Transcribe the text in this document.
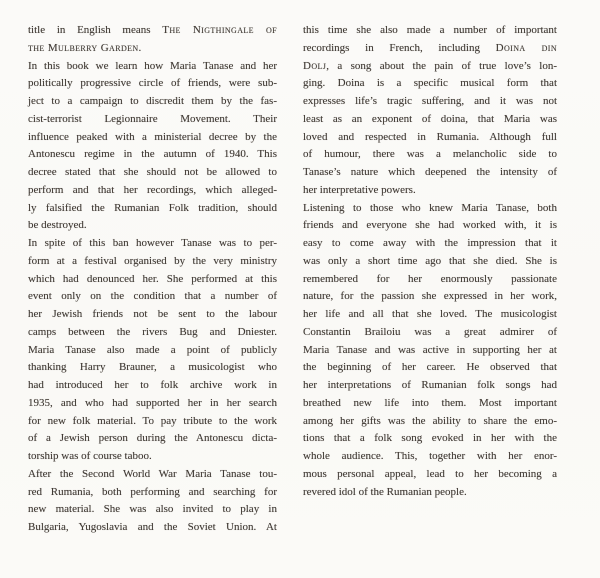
title in English means The Nigthingale of
the Mulberry Garden.
In this book we learn how Maria Tanase and her
politically progressive circle of friends, were sub-
ject to a campaign to discredit them by the fas-
cist-terrorist Legionnaire Movement. Their
influence peaked with a ministerial decree by the
Antonescu regime in the autumn of 1940. This
decree stated that she should not be allowed to
perform and that her recordings, which alleged-
ly falsified the Rumanian Folk tradition, should
be destroyed.
In spite of this ban however Tanase was to per-
form at a festival organised by the very ministry
which had denounced her. She performed at this
event only on the condition that a number of
her Jewish friends not be sent to the labour
camps between the rivers Bug and Dniester.
Maria Tanase also made a point of publicly
thanking Harry Brauner, a musicologist who
had introduced her to folk archive work in
1935, and who had supported her in her search
for new folk material. To pay tribute to the work
of a Jewish person during the Antonescu dicta-
torship was of course taboo.
After the Second World War Maria Tanase tou-
red Rumania, both performing and searching for
new material. She was also invited to play in
Bulgaria, Yugoslavia and the Soviet Union. At
this time she also made a number of important
recordings in French, including Doina din
Dolj, a song about the pain of true love’s lon-
ging. Doina is a specific musical form that
expresses life’s tragic suffering, and it was not
least as an exponent of doina, that Maria was
loved and respected in Rumania. Although full
of humour, there was a melancholic side to
Tanase’s nature which deepened the intensity of
her interpretative powers.
Listening to those who knew Maria Tanase, both
friends and everyone she had worked with, it is
easy to come away with the impression that it
was only a short time ago that she died. She is
remembered for her enormously passionate
nature, for the passion she expressed in her work,
her life and all that she loved. The musicologist
Constantin Brailoiu was a great admirer of
Maria Tanase and was active in supporting her at
the beginning of her career. He observed that
her interpretations of Rumanian folk songs had
breathed new life into them. Most important
among her gifts was the ability to share the emo-
tions that a folk song evoked in her with the
whole audience. This, together with her enor-
mous personal appeal, lead to her becoming a
revered idol of the Rumanian people.
